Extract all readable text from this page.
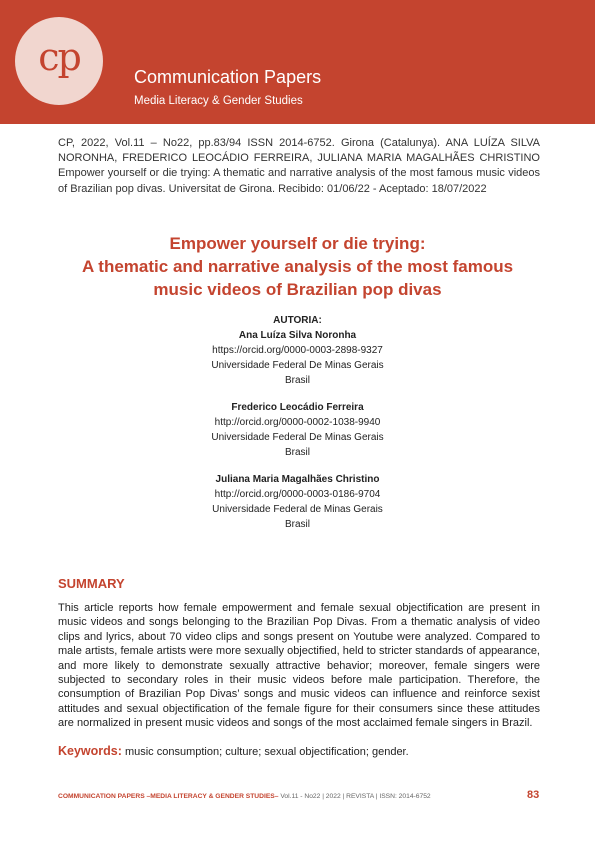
cp	Communication Papers
Media Literacy & Gender Studies
CP, 2022, Vol.11 – No22, pp.83/94 ISSN 2014-6752. Girona (Catalunya). ANA LUÍZA SILVA NORONHA, FREDERICO LEOCÁDIO FERREIRA, JULIANA MARIA MAGALHÃES CHRISTINO Empower yourself or die trying: A thematic and narrative analysis of the most famous music videos of Brazilian pop divas. Universitat de Girona. Recibido: 01/06/22 - Aceptado: 18/07/2022
Empower yourself or die trying:
A thematic and narrative analysis of the most famous
music videos of Brazilian pop divas
AUTORIA:
Ana Luíza Silva Noronha
https://orcid.org/0000-0003-2898-9327
Universidade Federal De Minas Gerais
Brasil
Frederico Leocádio Ferreira
http://orcid.org/0000-0002-1038-9940
Universidade Federal De Minas Gerais
Brasil
Juliana Maria Magalhães Christino
http://orcid.org/0000-0003-0186-9704
Universidade Federal de Minas Gerais
Brasil
SUMMARY

This article reports how female empowerment and female sexual objectification are present in music videos and songs belonging to the Brazilian Pop Divas. From a thematic analysis of video clips and lyrics, about 70 video clips and songs present on Youtube were analyzed. Compared to male artists, female artists were more sexually objectified, held to stricter standards of appearance, and more likely to demonstrate sexually attractive behavior; moreover, female singers were subjected to secondary roles in their music videos before male participation. Therefore, the consumption of Brazilian Pop Divas’ songs and music videos can influence and reinforce sexist attitudes and sexual objectification of the female figure for their consumers since these attitudes are normalized in present music videos and songs of the most acclaimed female singers in Brazil.

Keywords: music consumption; culture; sexual objectification; gender.
COMMUNICATION PAPERS –MEDIA LITERACY & GENDER STUDIES– Vol.11 - No22 | 2022 | REVISTA | ISSN: 2014-6752	83
